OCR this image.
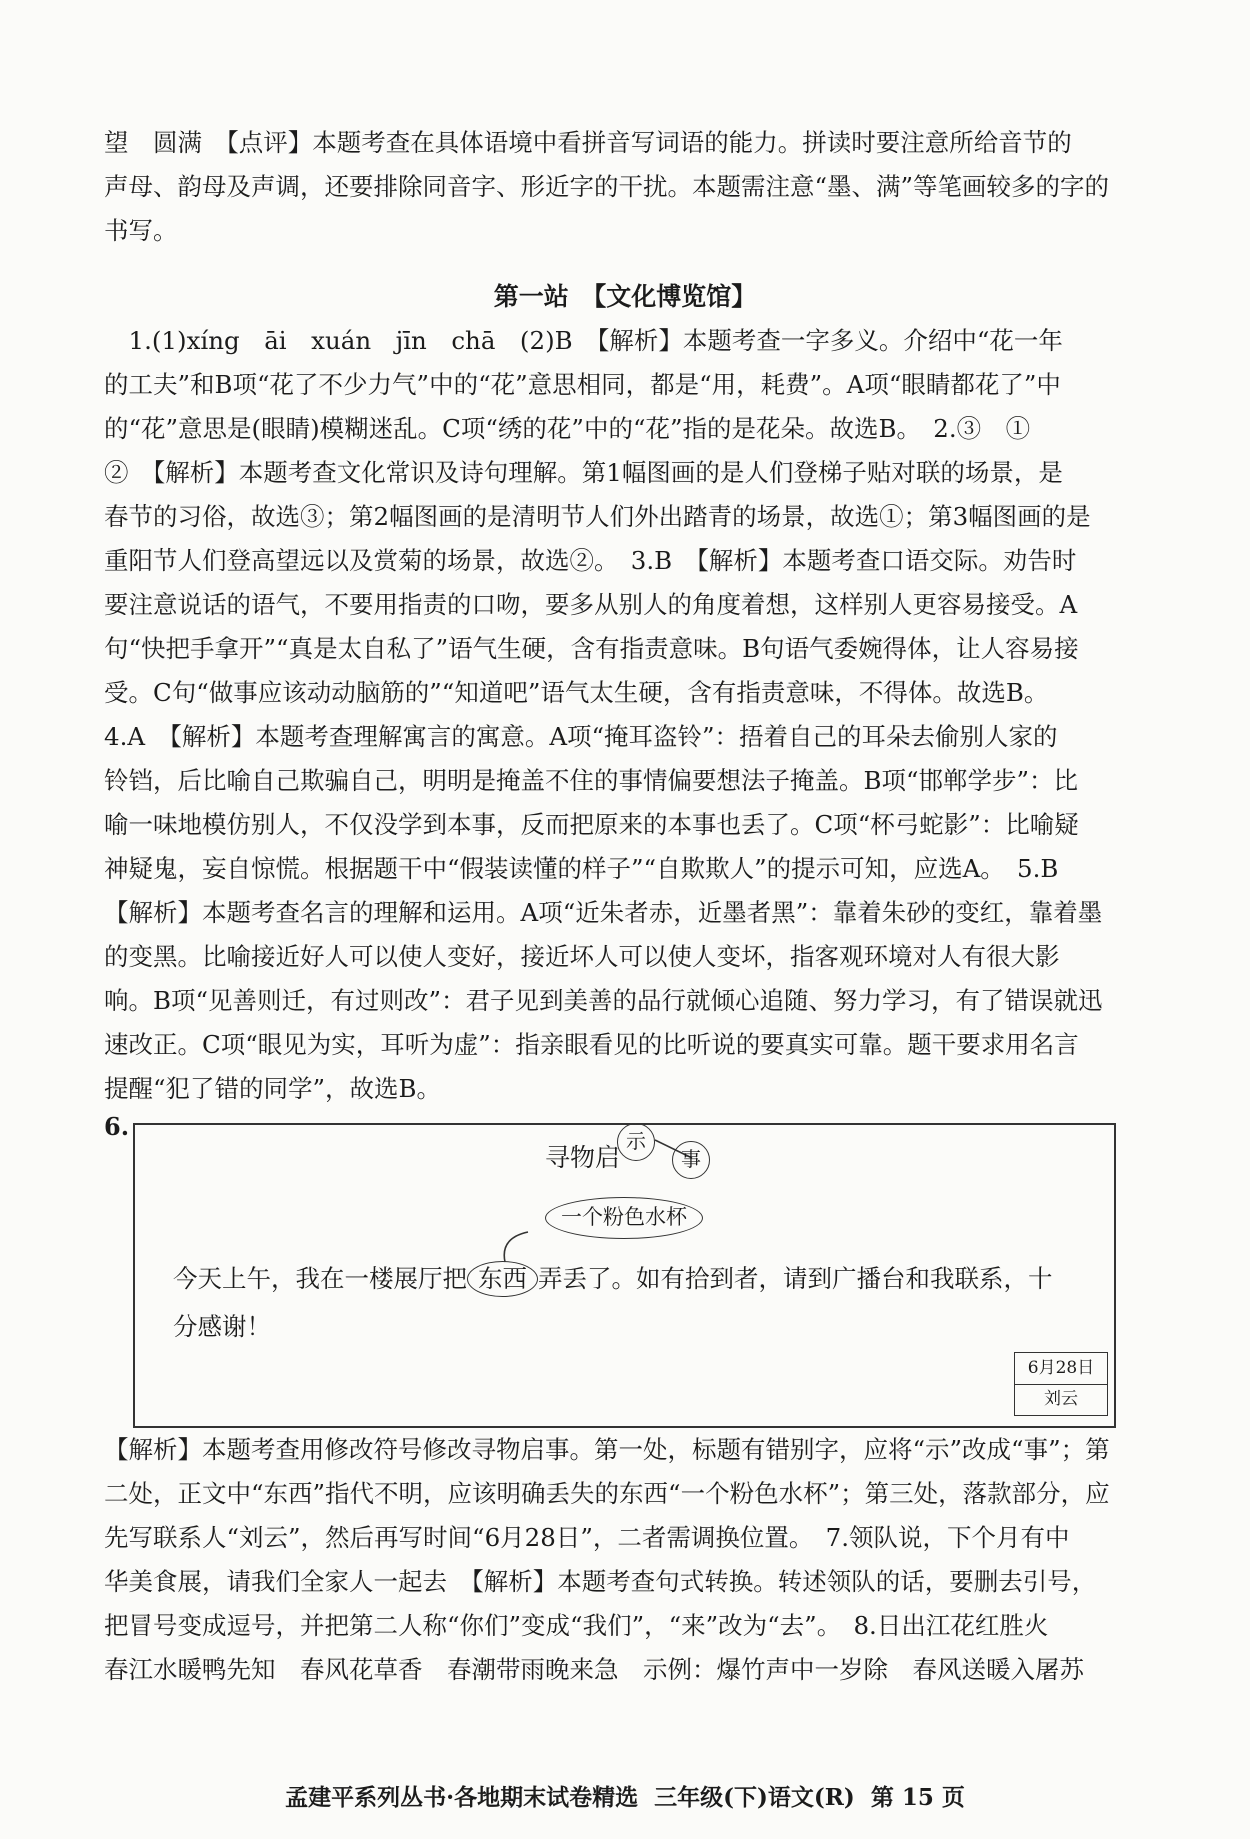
望　圆满　【点评】本题考查在具体语境中看拼音写词语的能力。拼读时要注意所给音节的
声母、韵母及声调，还要排除同音字、形近字的干扰。本题需注意“墨、满”等笔画较多的字的
书写。
第一站　【文化博览馆】
　1.(1)xíng　āi　xuán　jīn　chā　(2)B　【解析】本题考查一字多义。介绍中“花一年
的工夫”和B项“花了不少力气”中的“花”意思相同，都是“用，耗费”。A项“眼睛都花了”中
的“花”意思是(眼睛)模糊迷乱。C项“绣的花”中的“花”指的是花朵。故选B。　2.③　①
②　【解析】本题考查文化常识及诗句理解。第1幅图画的是人们登梯子贴对联的场景，是
春节的习俗，故选③；第2幅图画的是清明节人们外出踏青的场景，故选①；第3幅图画的是
重阳节人们登高望远以及赏菊的场景，故选②。　3.B　【解析】本题考查口语交际。劝告时
要注意说话的语气，不要用指责的口吻，要多从别人的角度着想，这样别人更容易接受。A
句“快把手拿开”“真是太自私了”语气生硬，含有指责意味。B句语气委婉得体，让人容易接
受。C句“做事应该动动脑筋的”“知道吧”语气太生硬，含有指责意味，不得体。故选B。
4.A　【解析】本题考查理解寓言的寓意。A项“掩耳盗铃”：捂着自己的耳朵去偷别人家的
铃铛，后比喻自己欺骗自己，明明是掩盖不住的事情偏要想法子掩盖。B项“邯郸学步”：比
喻一味地模仿别人，不仅没学到本事，反而把原来的本事也丢了。C项“杯弓蛇影”：比喻疑
神疑鬼，妄自惊慌。根据题干中“假装读懂的样子”“自欺欺人”的提示可知，应选A。　5.B
【解析】本题考查名言的理解和运用。A项“近朱者赤，近墨者黑”：靠着朱砂的变红，靠着墨
的变黑。比喻接近好人可以使人变好，接近坏人可以使人变坏，指客观环境对人有很大影
响。B项“见善则迁，有过则改”：君子见到美善的品行就倾心追随、努力学习，有了错误就迅
速改正。C项“眼见为实，耳听为虚”：指亲眼看见的比听说的要真实可靠。题干要求用名言
提醒“犯了错的同学”，故选B。
6.
寻物启
示
事
一个粉色水杯
今天上午，我在一楼展厅把 东西 弄丢了。如有拾到者，请到广播台和我联系，十
分感谢！
6月28日
刘云
【解析】本题考查用修改符号修改寻物启事。第一处，标题有错别字，应将“示”改成“事”；第
二处，正文中“东西”指代不明，应该明确丢失的东西“一个粉色水杯”；第三处，落款部分，应
先写联系人“刘云”，然后再写时间“6月28日”，二者需调换位置。　7.领队说，下个月有中
华美食展，请我们全家人一起去　【解析】本题考查句式转换。转述领队的话，要删去引号，
把冒号变成逗号，并把第二人称“你们”变成“我们”，“来”改为“去”。　8.日出江花红胜火
春江水暖鸭先知　春风花草香　春潮带雨晚来急　示例：爆竹声中一岁除　春风送暖入屠苏
孟建平系列丛书·各地期末试卷精选 三年级(下)语文(R) 第 15 页
